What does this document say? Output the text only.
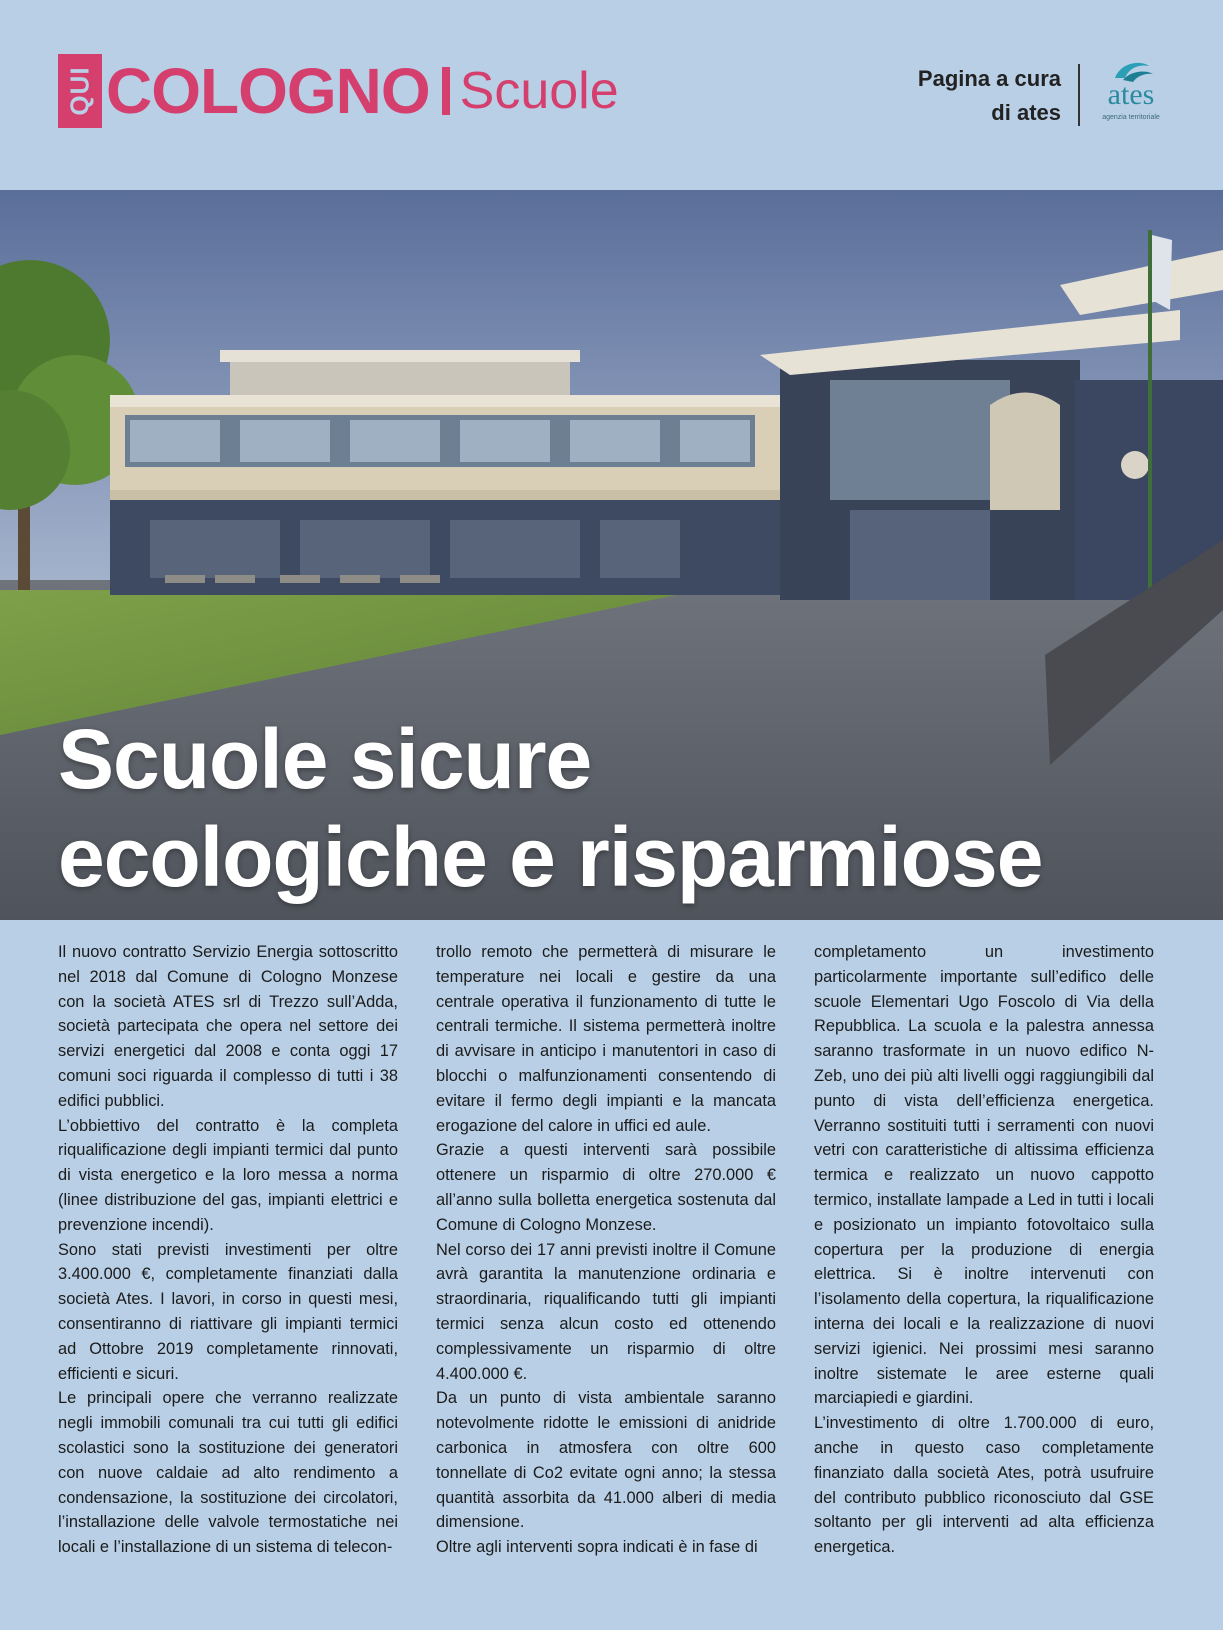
QUI COLOGNO Scuole	Pagina a cura
di ates
ates
agenzia territoriale
Scuole sicure
ecologiche e risparmiose

Il nuovo contratto Servizio Energia sottoscritto nel 2018 dal Comune di Cologno Monzese con la società ATES srl di Trezzo sull’Adda, società partecipata che opera nel settore dei servizi energetici dal 2008 e conta oggi 17 comuni soci riguarda il complesso di tutti i 38 edifici pubblici.

L’obbiettivo del contratto è la completa riqualificazione degli impianti termici dal punto di vista energetico e la loro messa a norma (linee distribuzione del gas, impianti elettrici e prevenzione incendi).

Sono stati previsti investimenti per oltre 3.400.000 €, completamente finanziati dalla società Ates. I lavori, in corso in questi mesi, consentiranno di riattivare gli impianti termici ad Ottobre 2019 completamente rinnovati, efficienti e sicuri.

Le principali opere che verranno realizzate negli immobili comunali tra cui tutti gli edifici scolastici sono la sostituzione dei generatori con nuove caldaie ad alto rendimento a condensazione, la sostituzione dei circolatori, l’installazione delle valvole termostatiche nei locali e l’installazione di un sistema di telecon-

trollo remoto che permetterà di misurare le temperature nei locali e gestire da una centrale operativa il funzionamento di tutte le centrali termiche. Il sistema permetterà inoltre di avvisare in anticipo i manutentori in caso di blocchi o malfunzionamenti consentendo di evitare il fermo degli impianti e la mancata erogazione del calore in uffici ed aule.

Grazie a questi interventi sarà possibile ottenere un risparmio di oltre 270.000 € all’anno sulla bolletta energetica sostenuta dal Comune di Cologno Monzese.

Nel corso dei 17 anni previsti inoltre il Comune avrà garantita la manutenzione ordinaria e straordinaria, riqualificando tutti gli impianti termici senza alcun costo ed ottenendo complessivamente un risparmio di oltre 4.400.000 €.

Da un punto di vista ambientale saranno notevolmente ridotte le emissioni di anidride carbonica in atmosfera con oltre 600 tonnellate di Co2 evitate ogni anno; la stessa quantità assorbita da 41.000 alberi di media dimensione.

Oltre agli interventi sopra indicati è in fase di

completamento un investimento particolarmente importante sull’edifico delle scuole Elementari Ugo Foscolo di Via della Repubblica. La scuola e la palestra annessa saranno trasformate in un nuovo edifico N-Zeb, uno dei più alti livelli oggi raggiungibili dal punto di vista dell’efficienza energetica. Verranno sostituiti tutti i serramenti con nuovi vetri con caratteristiche di altissima efficienza termica e realizzato un nuovo cappotto termico, installate lampade a Led in tutti i locali e posizionato un impianto fotovoltaico sulla copertura per la produzione di energia elettrica. Si è inoltre intervenuti con l’isolamento della copertura, la riqualificazione interna dei locali e la realizzazione di nuovi servizi igienici. Nei prossimi mesi saranno inoltre sistemate le aree esterne quali marciapiedi e giardini.

L’investimento di oltre 1.700.000 di euro, anche in questo caso completamente finanziato dalla società Ates, potrà usufruire del contributo pubblico riconosciuto dal GSE soltanto per gli interventi ad alta efficienza energetica.
